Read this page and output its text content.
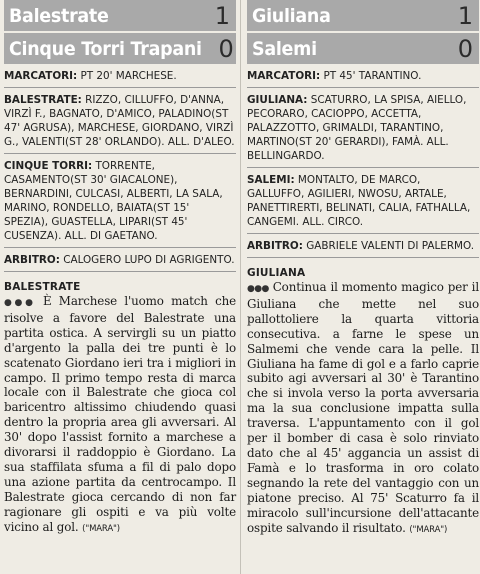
Balestrate	1
Cinque Torri Trapani 0
MARCATORI: PT 20' MARCHESE.
BALESTRATE: RIZZO, CILLUFFO, D'ANNA, VIRZÌ F., BAGNATO, D'AMICO, PALADINO(ST 47' AGRUSA), MARCHESE, GIORDANO, VIRZÌ G., VALENTI(ST 28' ORLANDO). ALL. D'ALEO.
CINQUE TORRI: TORRENTE, CASAMENTO(ST 30' GIACALONE), BERNARDINI, CULCASI, ALBERTI, LA SALA, MARINO, RONDELLO, BAIATA(ST 15' SPEZIA), GUASTELLA, LIPARI(ST 45' CUSENZA). ALL. DI GAETANO.
ARBITRO: CALOGERO LUPO DI AGRIGENTO.
BALESTRATE

●●● È Marchese l'uomo match che risolve a favore del Balestrate una partita ostica. A servirgli su un piatto d'argento la palla dei tre punti è lo scatenato Giordano ieri tra i migliori in campo. Il primo tempo resta di marca locale con il Balestrate che gioca col baricentro altissimo chiudendo quasi dentro la propria area gli avversari. Al 30' dopo l'assist fornito a marchese a divorarsi il raddoppio è Giordano. La sua staffilata sfuma a fil di palo dopo una azione partita da centrocampo. Il Balestrate gioca cercando di non far ragionare gli ospiti e va più volte vicino al gol. ("MARA")

Giuliana	1
Salemi	0
MARCATORI: PT 45' TARANTINO.
GIULIANA: SCATURRO, LA SPISA, AIELLO, PECORARO, CACIOPPO, ACCETTA, PALAZZOTTO, GRIMALDI, TARANTINO, MARTINO(ST 20' GERARDI), FAMÀ. ALL. BELLINGARDO.
SALEMI: MONTALTO, DE MARCO, GALLUFFO, AGILIERI, NWOSU, ARTALE, PANETTIRERTI, BELINATI, CALIA, FATHALLA, CANGEMI. ALL. CIRCO.
ARBITRO: GABRIELE VALENTI DI PALERMO.
GIULIANA

●●● Continua il momento magico per il Giuliana che mette nel suo pallottoliere la quarta vittoria consecutiva. a farne le spese un Salmemi che vende cara la pelle. Il Giuliana ha fame di gol e a farlo caprie subito agi avversari al 30' è Tarantino che si invola verso la porta avversaria ma la sua conclusione impatta sulla traversa. L'appuntamento con il gol per il bomber di casa è solo rinviato dato che al 45' aggancia un assist di Famà e lo trasforma in oro colato segnando la rete del vantaggio con un piatone preciso. Al 75' Scaturro fa il miracolo sull'incursione dell'attacante ospite salvando il risultato. ("MARA")
